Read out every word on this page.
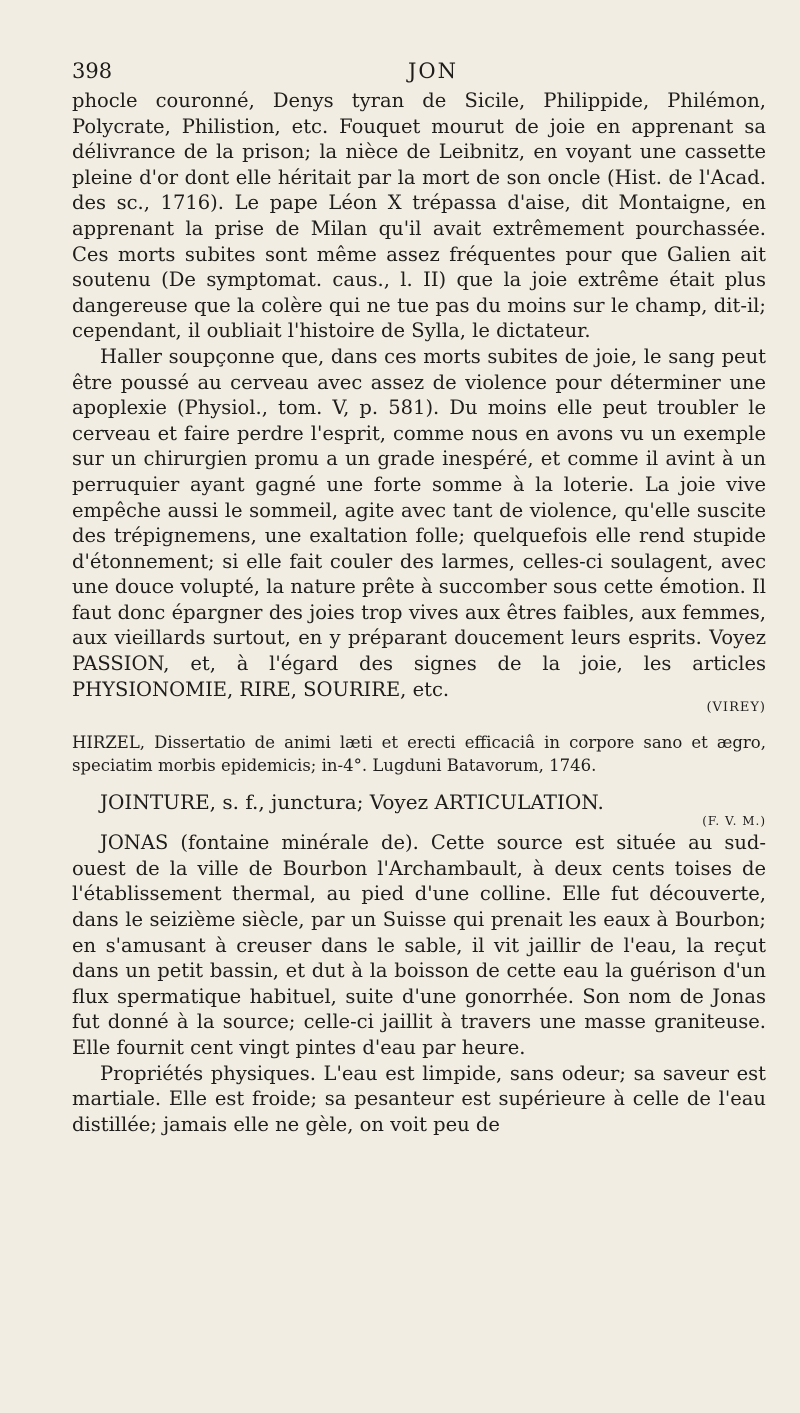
398	JON

phocle couronné, Denys tyran de Sicile, Philippide, Philémon, Polycrate, Philistion, etc. Fouquet mourut de joie en apprenant sa délivrance de la prison; la nièce de Leibnitz, en voyant une cassette pleine d'or dont elle héritait par la mort de son oncle (Hist. de l'Acad. des sc., 1716). Le pape Léon X trépassa d'aise, dit Montaigne, en apprenant la prise de Milan qu'il avait extrêmement pourchassée. Ces morts subites sont même assez fréquentes pour que Galien ait soutenu (De symptomat. caus., l. II) que la joie extrême était plus dangereuse que la colère qui ne tue pas du moins sur le champ, dit-il; cependant, il oubliait l'histoire de Sylla, le dictateur.

Haller soupçonne que, dans ces morts subites de joie, le sang peut être poussé au cerveau avec assez de violence pour déterminer une apoplexie (Physiol., tom. V, p. 581). Du moins elle peut troubler le cerveau et faire perdre l'esprit, comme nous en avons vu un exemple sur un chirurgien promu a un grade inespéré, et comme il avint à un perruquier ayant gagné une forte somme à la loterie. La joie vive empêche aussi le sommeil, agite avec tant de violence, qu'elle suscite des trépignemens, une exaltation folle; quelquefois elle rend stupide d'étonnement; si elle fait couler des larmes, celles-ci soulagent, avec une douce volupté, la nature prête à succomber sous cette émotion. Il faut donc épargner des joies trop vives aux êtres faibles, aux femmes, aux vieillards surtout, en y préparant doucement leurs esprits. Voyez PASSION, et, à l'égard des signes de la joie, les articles PHYSIONOMIE, RIRE, SOURIRE, etc.

(VIREY)

HIRZEL, Dissertatio de animi læti et erecti efficaciâ in corpore sano et ægro, speciatim morbis epidemicis; in-4°. Lugduni Batavorum, 1746.

JOINTURE, s. f., junctura; Voyez ARTICULATION.

(F. V. M.)

JONAS (fontaine minérale de). Cette source est située au sud-ouest de la ville de Bourbon l'Archambault, à deux cents toises de l'établissement thermal, au pied d'une colline. Elle fut découverte, dans le seizième siècle, par un Suisse qui prenait les eaux à Bourbon; en s'amusant à creuser dans le sable, il vit jaillir de l'eau, la reçut dans un petit bassin, et dut à la boisson de cette eau la guérison d'un flux spermatique habituel, suite d'une gonorrhée. Son nom de Jonas fut donné à la source; celle-ci jaillit à travers une masse graniteuse. Elle fournit cent vingt pintes d'eau par heure.

Propriétés physiques. L'eau est limpide, sans odeur; sa saveur est martiale. Elle est froide; sa pesanteur est supérieure à celle de l'eau distillée; jamais elle ne gèle, on voit peu de
